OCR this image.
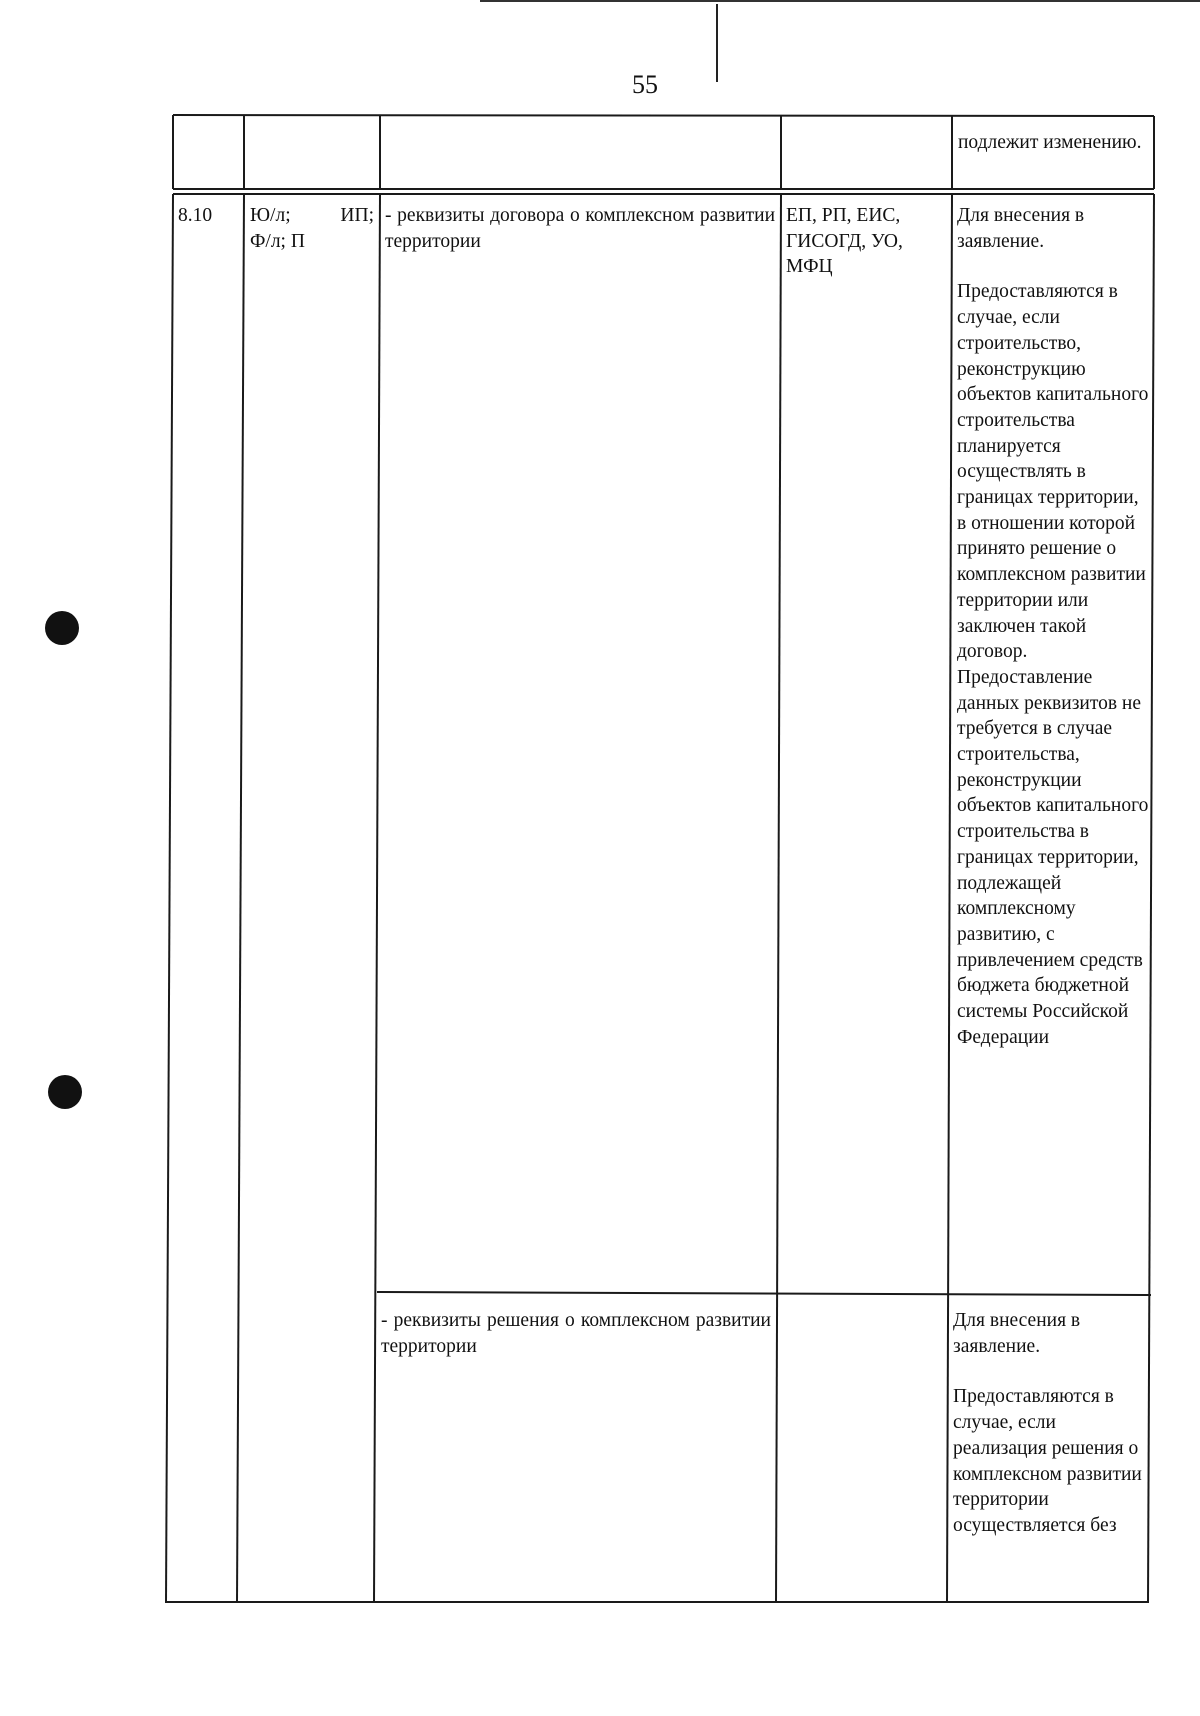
55
подлежит изменению.
8.10	Ю/л;	ИП;
Ф/л; П
- реквизиты договора о комплексном развитии территории
ЕП, РП, ЕИС, ГИСОГД, УО, МФЦ
Для внесения в заявление.
Предоставляются в случае, если строительство, реконструкцию объектов капитального строительства планируется осуществлять в границах территории, в отношении которой принято решение о комплексном развитии территории или заключен такой договор. Предоставление данных реквизитов не требуется в случае строительства, реконструкции объектов капитального строительства в границах территории, подлежащей комплексному развитию, с привлечением средств бюджета бюджетной системы Российской Федерации
- реквизиты решения о комплексном развитии территории
Для внесения в заявление.
Предоставляются в случае, если реализация решения о комплексном развитии территории осуществляется без
